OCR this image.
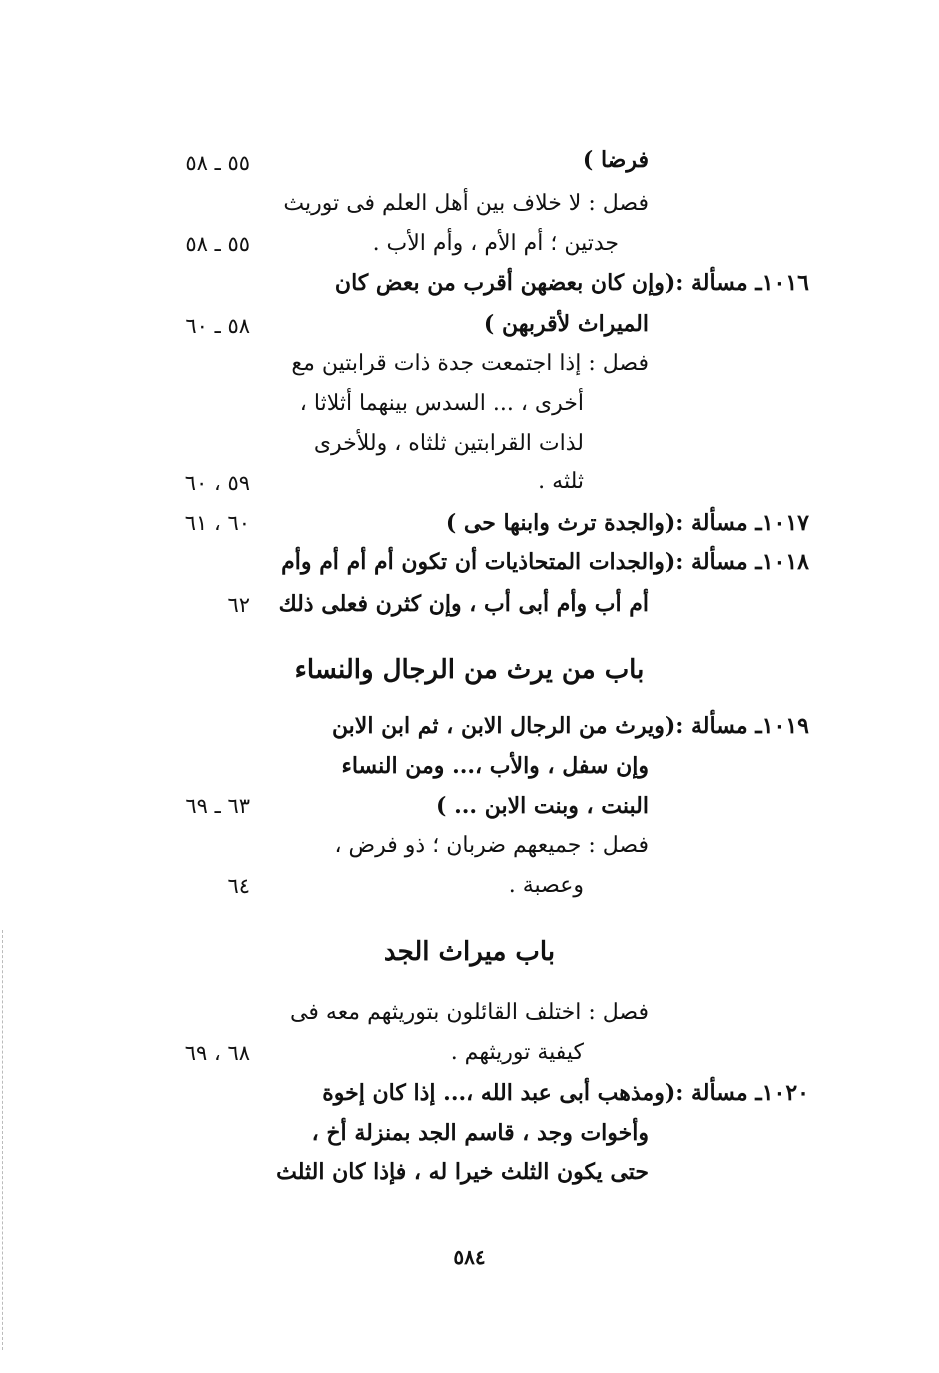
فرضا )
فصل : لا خلاف بين أهل العلم فى توريث
جدتين ؛ أم الأم ، وأم الأب .
١٠١٦ـ مسألة :(وإن كان بعضهن أقرب من بعض كان
الميراث لأقربهن )
فصل : إذا اجتمعت جدة ذات قرابتين مع
أخرى ، ... السدس بينهما أثلاثا ،
لذات القرابتين ثلثاه ، وللأخرى
ثلثه .
١٠١٧ـ مسألة :(والجدة ترث وابنها حى )
١٠١٨ـ مسألة :(والجدات المتحاذيات أن تكون أم أم أم وأم
أم أب وأم أبى أب ، وإن كثرن فعلى ذلك
باب من يرث من الرجال والنساء
١٠١٩ـ مسألة :(ويرث من الرجال الابن ، ثم ابن الابن
وإن سفل ، والأب ،... ومن النساء
البنت ، وبنت الابن ... )
فصل : جميعهم ضربان ؛ ذو فرض ،
وعصبة .
باب ميراث الجد
فصل : اختلف القائلون بتوريثهم معه فى
كيفية توريثهم .
١٠٢٠ـ مسألة :(ومذهب أبى عبد الله ،... إذا كان إخوة
وأخوات وجد ، قاسم الجد بمنزلة أخ ،
حتى يكون الثلث خيرا له ، فإذا كان الثلث
٥٥ ـ ٥٨
٥٥ ـ ٥٨
٥٨ ـ ٦٠
٥٩ ، ٦٠
٦٠ ، ٦١
٦٢
٦٣ ـ ٦٩
٦٤
٦٨ ، ٦٩
٥٨٤
